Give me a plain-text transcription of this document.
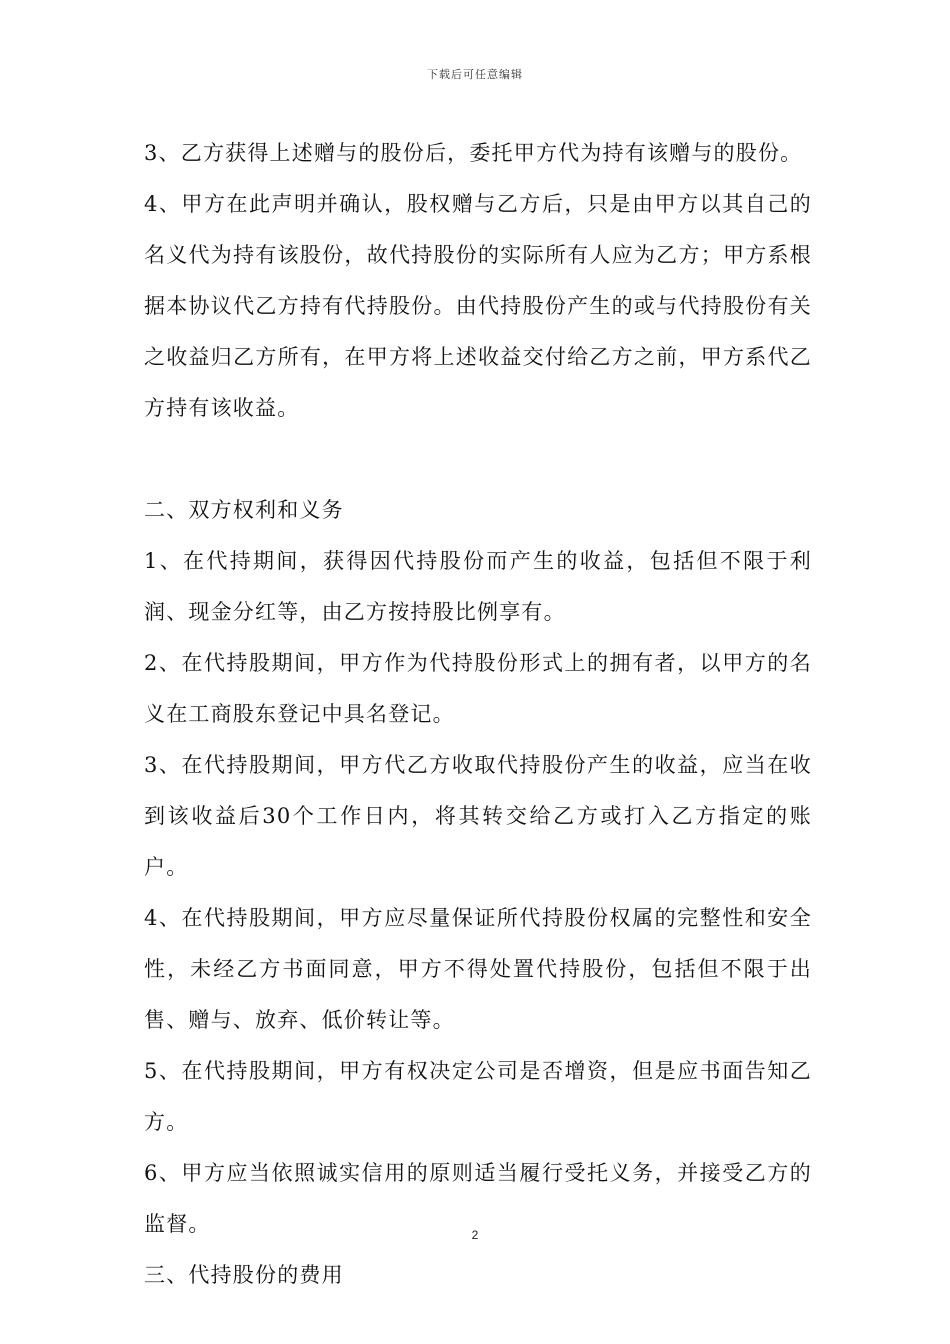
下载后可任意编辑

3、乙方获得上述赠与的股份后，委托甲方代为持有该赠与的股份。

4、甲方在此声明并确认，股权赠与乙方后，只是由甲方以其自己的名义代为持有该股份，故代持股份的实际所有人应为乙方；甲方系根据本协议代乙方持有代持股份。由代持股份产生的或与代持股份有关之收益归乙方所有，在甲方将上述收益交付给乙方之前，甲方系代乙方持有该收益。

二、双方权利和义务

1、在代持期间，获得因代持股份而产生的收益，包括但不限于利润、现金分红等，由乙方按持股比例享有。

2、在代持股期间，甲方作为代持股份形式上的拥有者，以甲方的名义在工商股东登记中具名登记。

3、在代持股期间，甲方代乙方收取代持股份产生的收益，应当在收到该收益后30个工作日内，将其转交给乙方或打入乙方指定的账户。

4、在代持股期间，甲方应尽量保证所代持股份权属的完整性和安全性，未经乙方书面同意，甲方不得处置代持股份，包括但不限于出售、赠与、放弃、低价转让等。

5、在代持股期间，甲方有权决定公司是否增资，但是应书面告知乙方。

6、甲方应当依照诚实信用的原则适当履行受托义务，并接受乙方的监督。

三、代持股份的费用

2
